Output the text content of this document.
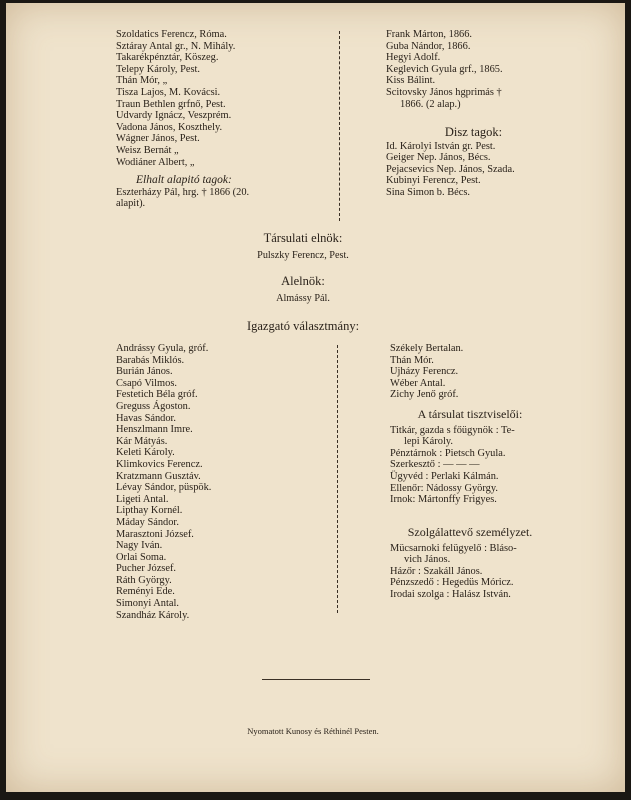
Szoldatics Ferencz, Róma.
Sztáray Antal gr., N. Mihály.
Takarékpénztár, Köszeg.
Telepy Károly, Pest.
Thán Mór, „
Tisza Lajos, M. Kovácsi.
Traun Bethlen grfnő, Pest.
Udvardy Ignácz, Veszprém.
Vadona János, Koszthely.
Wágner János, Pest.
Weisz Bernát „
Wodiáner Albert, „
Elhalt alapitó tagok:
Eszterházy Pál, hrg. † 1866 (20.
alapit).
Frank Márton, 1866.
Guba Nándor, 1866.
Hegyi Adolf.
Keglevich Gyula grf., 1865.
Kiss Bálint.
Scitovsky János hgprimás †
1866. (2 alap.)
Disz tagok:
Id. Károlyi István gr. Pest.
Geiger Nep. János, Bécs.
Pejacsevics Nep. János, Szada.
Kubinyi Ferencz, Pest.
Sina Simon b. Bécs.
Társulati elnök:
Pulszky Ferencz, Pest.
Alelnök:
Almássy Pál.
Igazgató választmány:
Andrássy Gyula, gróf.
Barabás Miklós.
Burián János.
Csapó Vilmos.
Festetich Béla gróf.
Greguss Ágoston.
Havas Sándor.
Henszlmann Imre.
Kár Mátyás.
Keleti Károly.
Klimkovics Ferencz.
Kratzmann Gusztáv.
Lévay Sándor, püspök.
Ligeti Antal.
Lipthay Kornél.
Máday Sándor.
Marasztoni József.
Nagy Iván.
Orlai Soma.
Pucher József.
Ráth György.
Reményi Ede.
Simonyi Antal.
Szandház Károly.
Székely Bertalan.
Thán Mór.
Ujházy Ferencz.
Wéber Antal.
Zichy Jenő gróf.
A társulat tisztviselői:
Titkár, gazda s főügynök : Te-
lepi Károly.
Pénztárnok : Pietsch Gyula.
Szerkesztő : — — —
Ügyvéd : Perlaki Kálmán.
Ellenőr: Nádossy György.
Irnok: Mártonffy Frigyes.
Szolgálattevő személyzet.
Mücsarnoki felügyelő : Bláso-
vich János.
Házőr : Szakáll János.
Pénzszedő : Hegedüs Móricz.
Irodai szolga : Halász István.
Nyomatott Kunosy és Réthinél Pesten.
